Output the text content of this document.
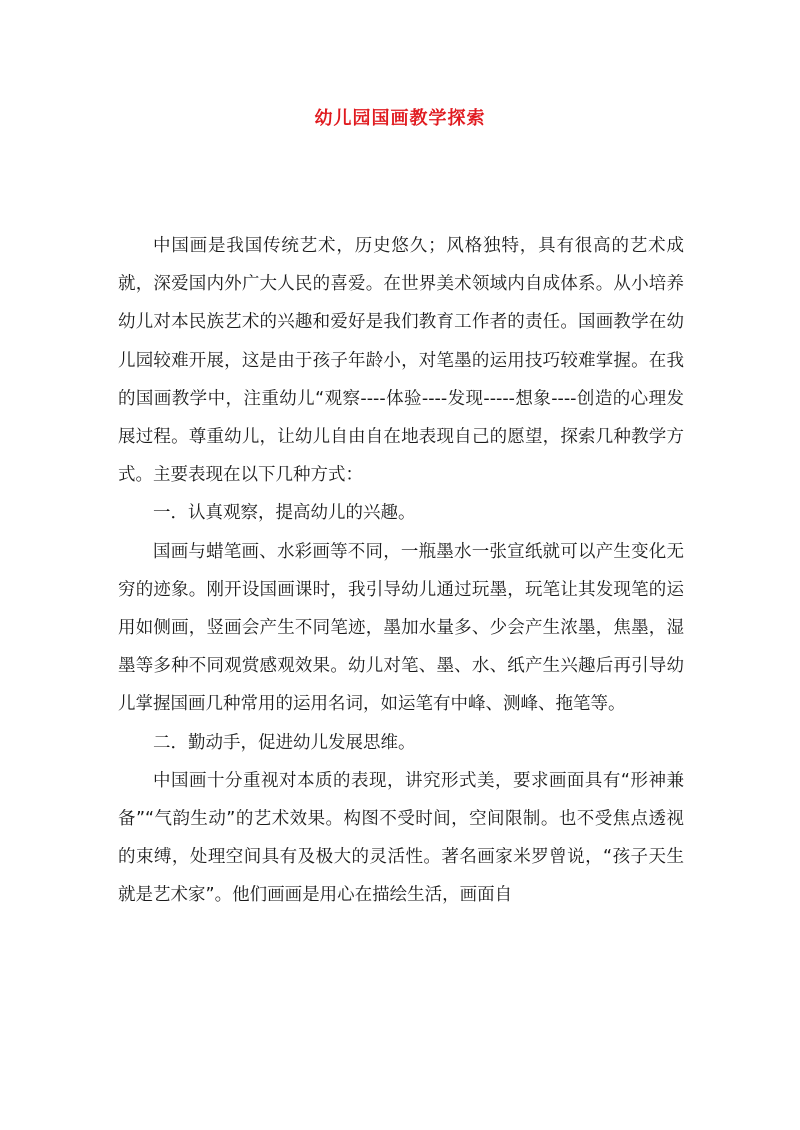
幼儿园国画教学探索

中国画是我国传统艺术，历史悠久；风格独特，具有很高的艺术成就，深爱国内外广大人民的喜爱。在世界美术领域内自成体系。从小培养幼儿对本民族艺术的兴趣和爱好是我们教育工作者的责任。国画教学在幼儿园较难开展，这是由于孩子年龄小，对笔墨的运用技巧较难掌握。在我的国画教学中，注重幼儿“观察----体验----发现-----想象----创造的心理发展过程。尊重幼儿，让幼儿自由自在地表现自己的愿望，探索几种教学方式。主要表现在以下几种方式：

一．认真观察，提高幼儿的兴趣。

国画与蜡笔画、水彩画等不同，一瓶墨水一张宣纸就可以产生变化无穷的迹象。刚开设国画课时，我引导幼儿通过玩墨，玩笔让其发现笔的运用如侧画，竖画会产生不同笔迹，墨加水量多、少会产生浓墨，焦墨，湿墨等多种不同观赏感观效果。幼儿对笔、墨、水、纸产生兴趣后再引导幼儿掌握国画几种常用的运用名词，如运笔有中峰、测峰、拖笔等。

二．勤动手，促进幼儿发展思维。

中国画十分重视对本质的表现，讲究形式美，要求画面具有“形神兼备”“气韵生动”的艺术效果。构图不受时间，空间限制。也不受焦点透视的束缚，处理空间具有及极大的灵活性。著名画家米罗曾说，“孩子天生就是艺术家”。他们画画是用心在描绘生活，画面自
